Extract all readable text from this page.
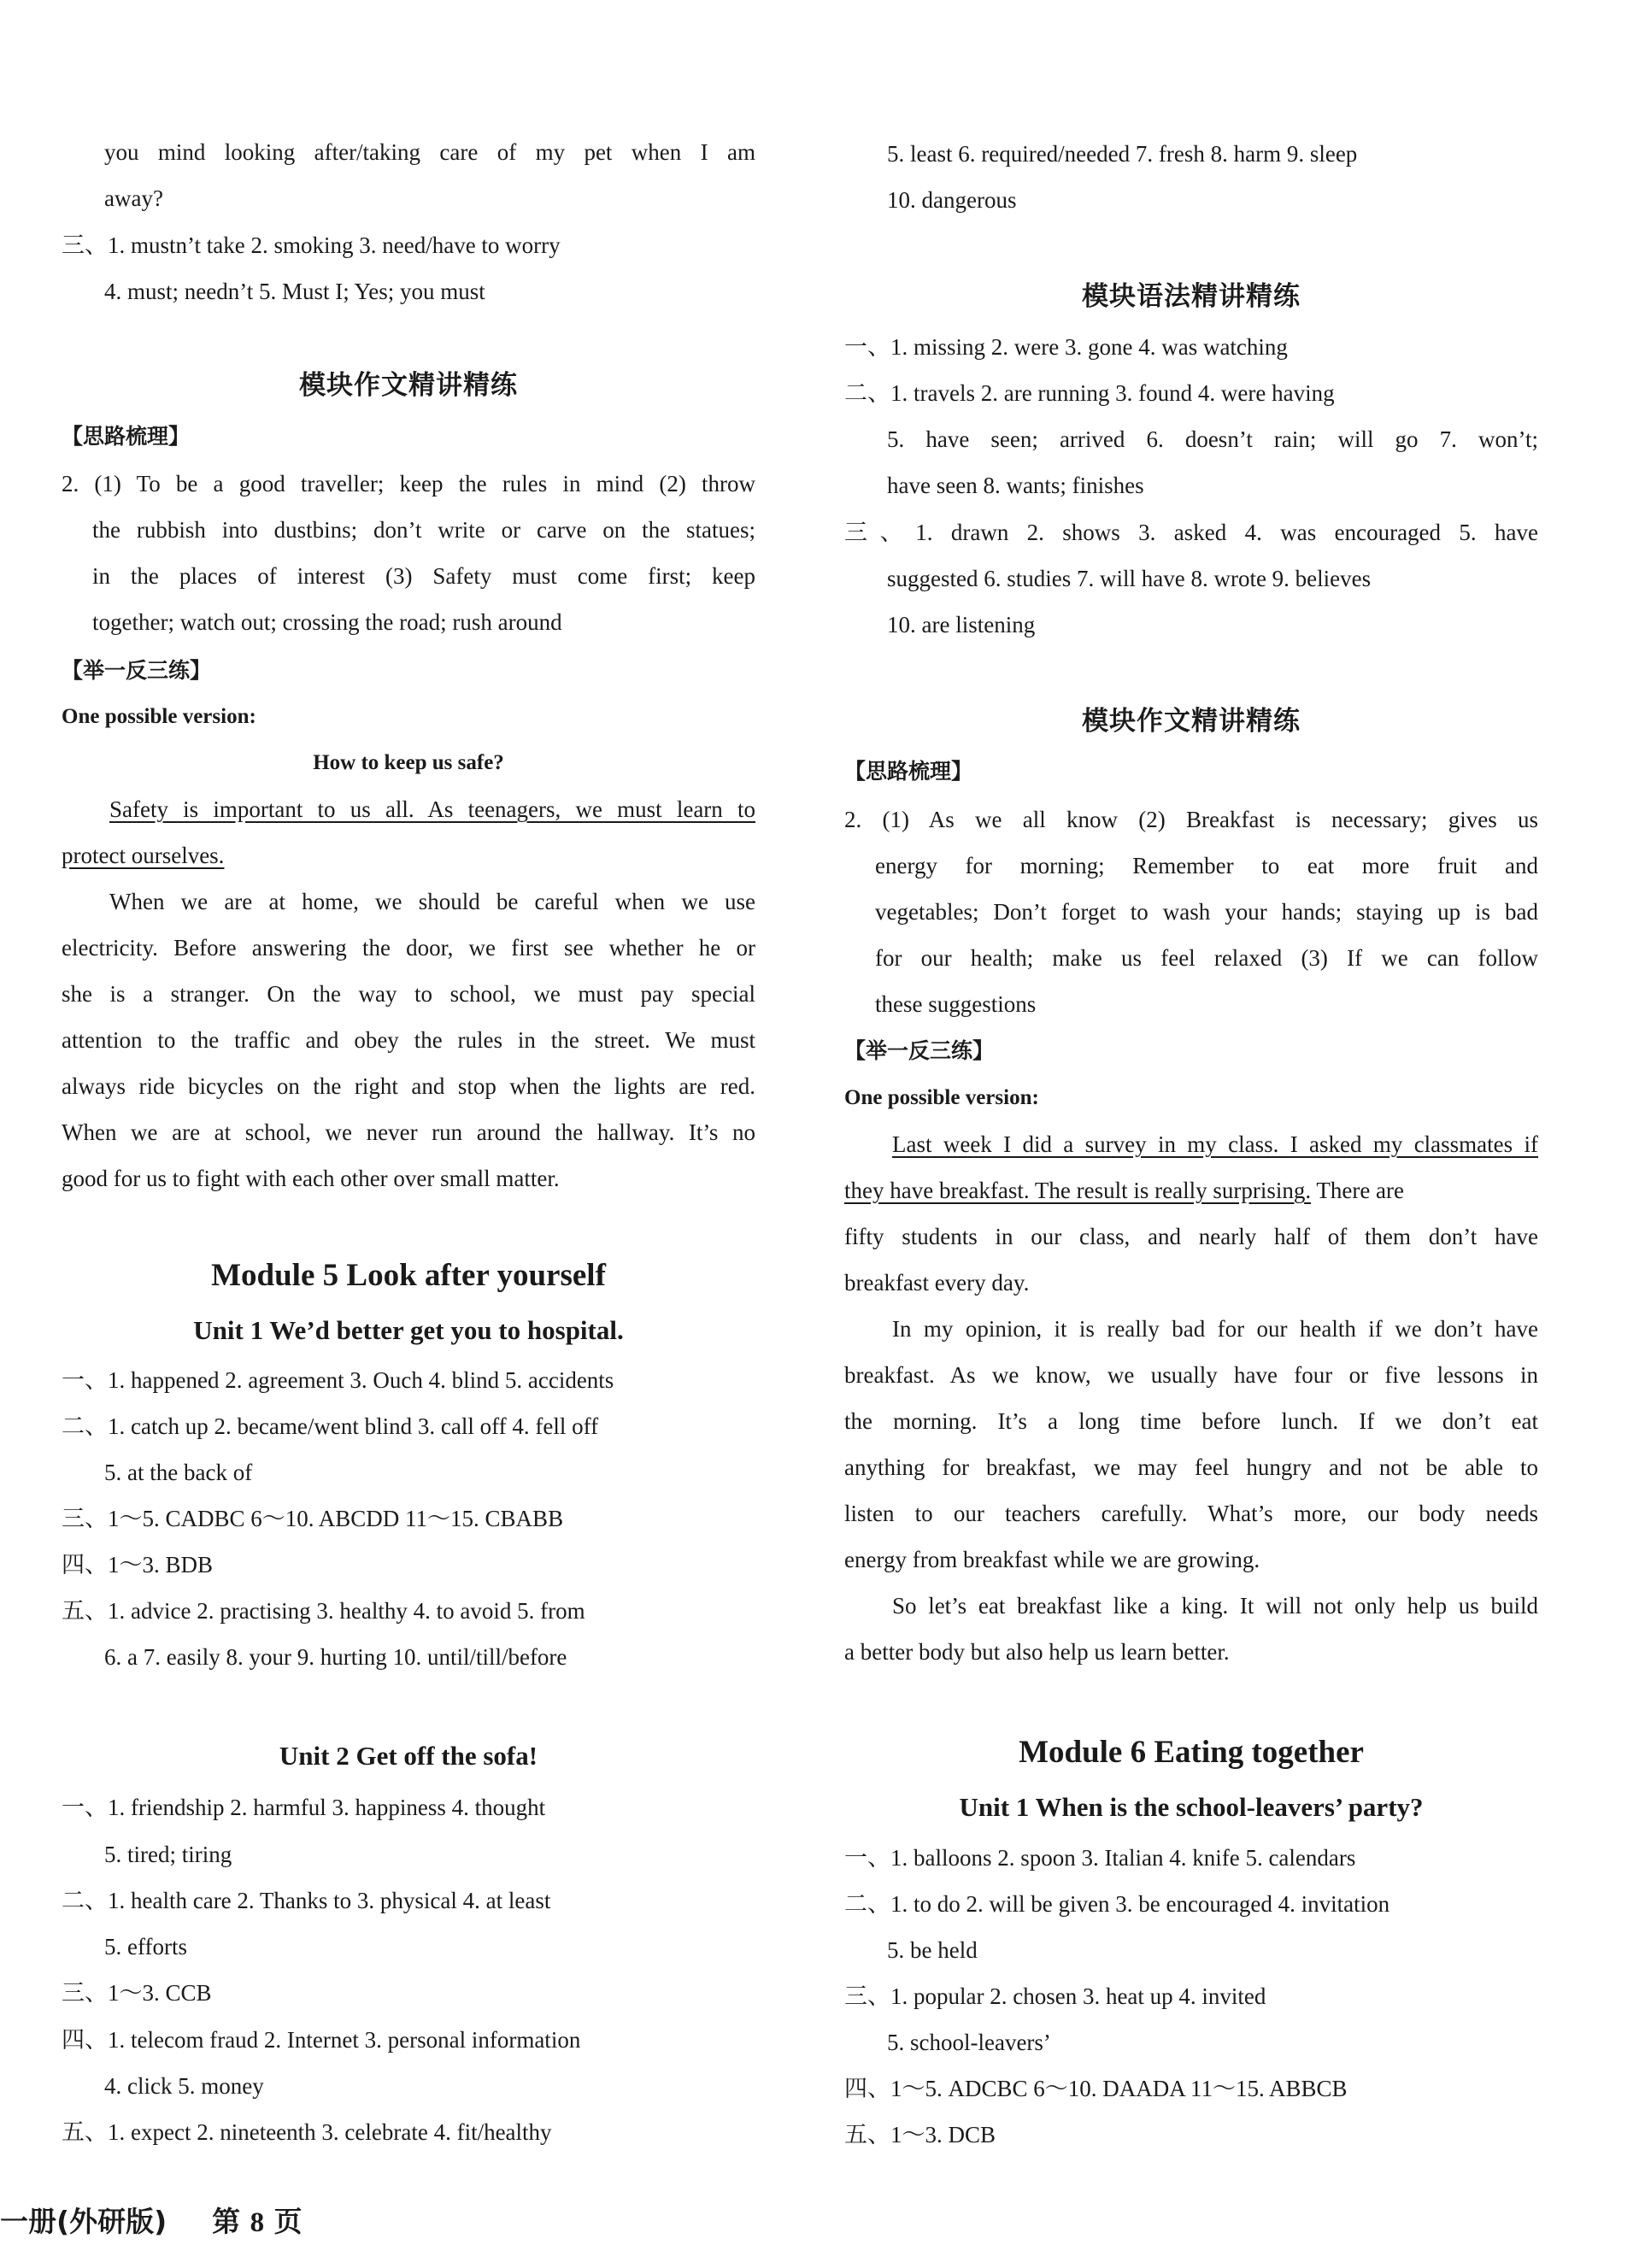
you mind looking after/taking care of my pet when I am
away?
三、1. mustn’t take 2. smoking 3. need/have to worry
4. must; needn’t 5. Must I; Yes; you must
模块作文精讲精练
【思路梳理】
2. (1) To be a good traveller; keep the rules in mind (2) throw
the rubbish into dustbins; don’t write or carve on the statues;
in the places of interest (3) Safety must come first; keep
together; watch out; crossing the road; rush around
【举一反三练】
One possible version:
How to keep us safe?
Safety is important to us all. As teenagers, we must learn to
protect ourselves.
When we are at home, we should be careful when we use
electricity. Before answering the door, we first see whether he or
she is a stranger. On the way to school, we must pay special
attention to the traffic and obey the rules in the street. We must
always ride bicycles on the right and stop when the lights are red.
When we are at school, we never run around the hallway. It’s no
good for us to fight with each other over small matter.
Module 5 Look after yourself
Unit 1 We’d better get you to hospital.
一、1. happened 2. agreement 3. Ouch 4. blind 5. accidents
二、1. catch up 2. became/went blind 3. call off 4. fell off
5. at the back of
三、1～5. CADBC 6～10. ABCDD 11～15. CBABB
四、1～3. BDB
五、1. advice 2. practising 3. healthy 4. to avoid 5. from
6. a 7. easily 8. your 9. hurting 10. until/till/before
Unit 2 Get off the sofa!
一、1. friendship 2. harmful 3. happiness 4. thought
5. tired; tiring
二、1. health care 2. Thanks to 3. physical 4. at least
5. efforts
三、1～3. CCB
四、1. telecom fraud 2. Internet 3. personal information
4. click 5. money
五、1. expect 2. nineteenth 3. celebrate 4. fit/healthy
5. least 6. required/needed 7. fresh 8. harm 9. sleep
10. dangerous
模块语法精讲精练
一、1. missing 2. were 3. gone 4. was watching
二、1. travels 2. are running 3. found 4. were having
5. have seen; arrived 6. doesn’t rain; will go 7. won’t;
have seen 8. wants; finishes
三、1. drawn 2. shows 3. asked 4. was encouraged 5. have
suggested 6. studies 7. will have 8. wrote 9. believes
10. are listening
模块作文精讲精练
【思路梳理】
2. (1) As we all know (2) Breakfast is necessary; gives us
energy for morning; Remember to eat more fruit and
vegetables; Don’t forget to wash your hands; staying up is bad
for our health; make us feel relaxed (3) If we can follow
these suggestions
【举一反三练】
One possible version:
Last week I did a survey in my class. I asked my classmates if
they have breakfast. The result is really surprising. There are
fifty students in our class, and nearly half of them don’t have
breakfast every day.
In my opinion, it is really bad for our health if we don’t have
breakfast. As we know, we usually have four or five lessons in
the morning. It’s a long time before lunch. If we don’t eat
anything for breakfast, we may feel hungry and not be able to
listen to our teachers carefully. What’s more, our body needs
energy from breakfast while we are growing.
So let’s eat breakfast like a king. It will not only help us build
a better body but also help us learn better.
Module 6 Eating together
Unit 1 When is the school-leavers’ party?
一、1. balloons 2. spoon 3. Italian 4. knife 5. calendars
二、1. to do 2. will be given 3. be encouraged 4. invitation
5. be held
三、1. popular 2. chosen 3. heat up 4. invited
5. school-leavers’
四、1～5. ADCBC 6～10. DAADA 11～15. ABBCB
五、1～3. DCB
一册(外研版) 第 8 页
